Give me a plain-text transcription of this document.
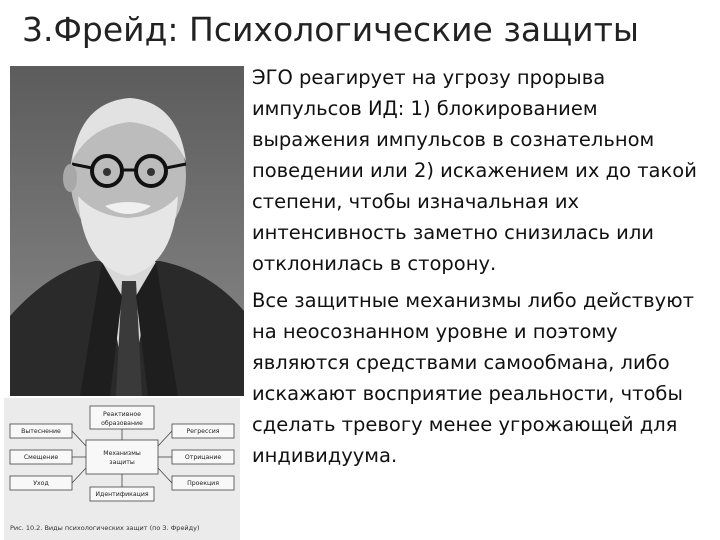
3.Фрейд: Психологические защиты

ЭГО реагирует на угрозу прорыва импульсов ИД: 1) блокированием выражения импульсов в сознательном поведении или 2) искажением их до такой степени, чтобы изначальная их интенсивность заметно снизилась или отклонилась в сторону.

Все защитные механизмы либо действуют на неосознанном уровне и поэтому являются средствами самообмана, либо искажают восприятие реальности, чтобы сделать тревогу менее угрожающей для индивидуума.

Реактивное
образование
Механизмы
защиты
Идентификация
Вытеснение
Смещение
Уход
Регрессия
Отрицание
Проекция
Рис. 10.2. Виды психологических защит (по З. Фрейду)
